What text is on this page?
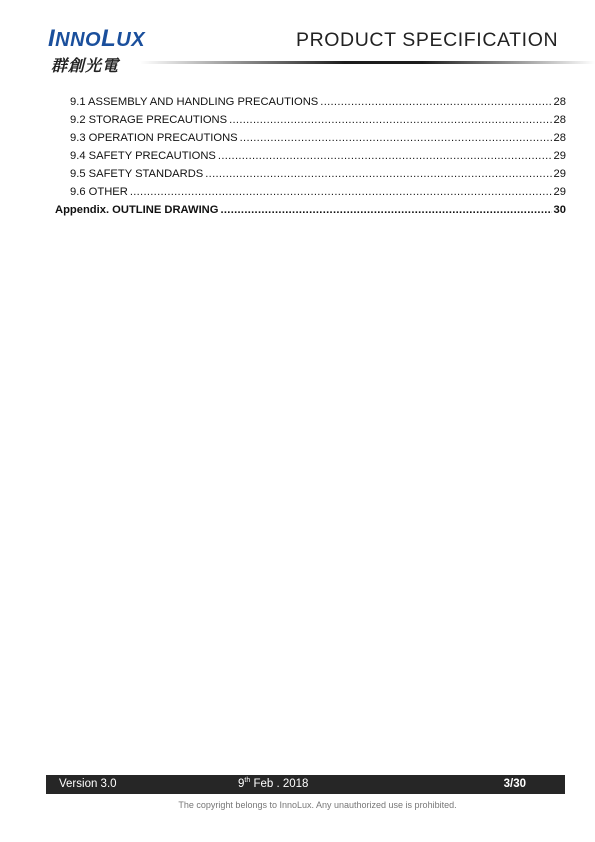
INNOLUX
群創光電
PRODUCT SPECIFICATION
9.1 ASSEMBLY AND HANDLING PRECAUTIONS .....	28
9.2 STORAGE PRECAUTIONS .....	28
9.3 OPERATION PRECAUTIONS .....	28
9.4 SAFETY PRECAUTIONS .....	29
9.5 SAFETY STANDARDS .....	29
9.6 OTHER .....	29
Appendix. OUTLINE DRAWING .....	30
Version 3.0	9th Feb . 2018	3/30
The copyright belongs to InnoLux. Any unauthorized use is prohibited.
